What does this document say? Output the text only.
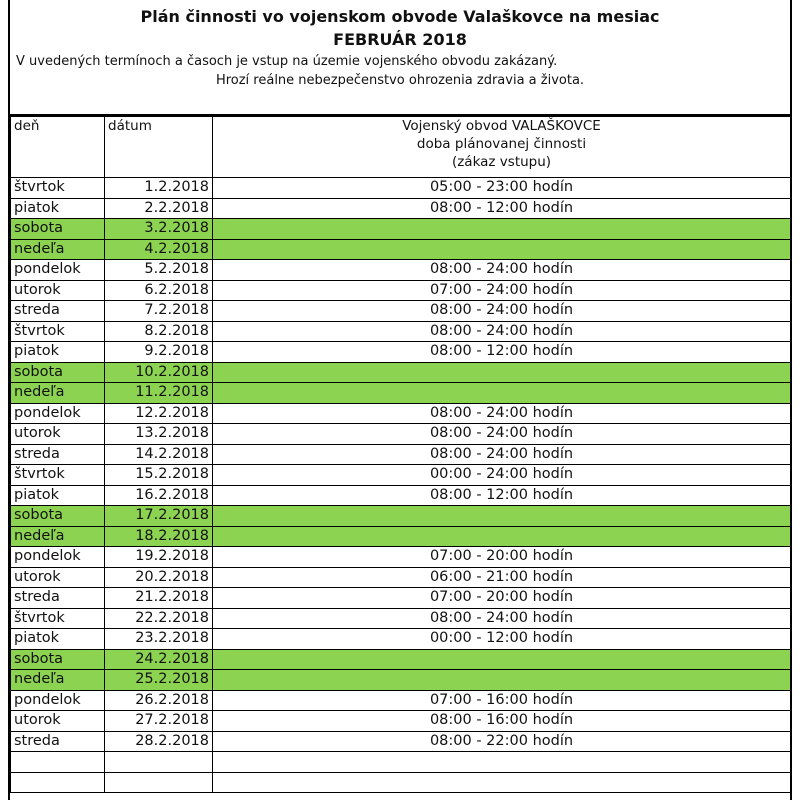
Plán činnosti vo vojenskom obvode Valaškovce na mesiac
FEBRUÁR 2018
V uvedených termínoch a časoch je vstup na územie vojenského obvodu zakázaný.
Hrozí reálne nebezpečenstvo ohrozenia zdravia a života.
deň	dátum	Vojenský obvod VALAŠKOVCE
doba plánovanej činnosti
(zákaz vstupu)

štvrtok	1.2.2018	05:00 - 23:00 hodín
piatok	2.2.2018	08:00 - 12:00 hodín
sobota	3.2.2018	
nedeľa	4.2.2018	
pondelok	5.2.2018	08:00 - 24:00 hodín
utorok	6.2.2018	07:00 - 24:00 hodín
streda	7.2.2018	08:00 - 24:00 hodín
štvrtok	8.2.2018	08:00 - 24:00 hodín
piatok	9.2.2018	08:00 - 12:00 hodín
sobota	10.2.2018	
nedeľa	11.2.2018	
pondelok	12.2.2018	08:00 - 24:00 hodín
utorok	13.2.2018	08:00 - 24:00 hodín
streda	14.2.2018	08:00 - 24:00 hodín
štvrtok	15.2.2018	00:00 - 24:00 hodín
piatok	16.2.2018	08:00 - 12:00 hodín
sobota	17.2.2018	
nedeľa	18.2.2018	
pondelok	19.2.2018	07:00 - 20:00 hodín
utorok	20.2.2018	06:00 - 21:00 hodín
streda	21.2.2018	07:00 - 20:00 hodín
štvrtok	22.2.2018	08:00 - 24:00 hodín
piatok	23.2.2018	00:00 - 12:00 hodín
sobota	24.2.2018	
nedeľa	25.2.2018	
pondelok	26.2.2018	07:00 - 16:00 hodín
utorok	27.2.2018	08:00 - 16:00 hodín
streda	28.2.2018	08:00 - 22:00 hodín
